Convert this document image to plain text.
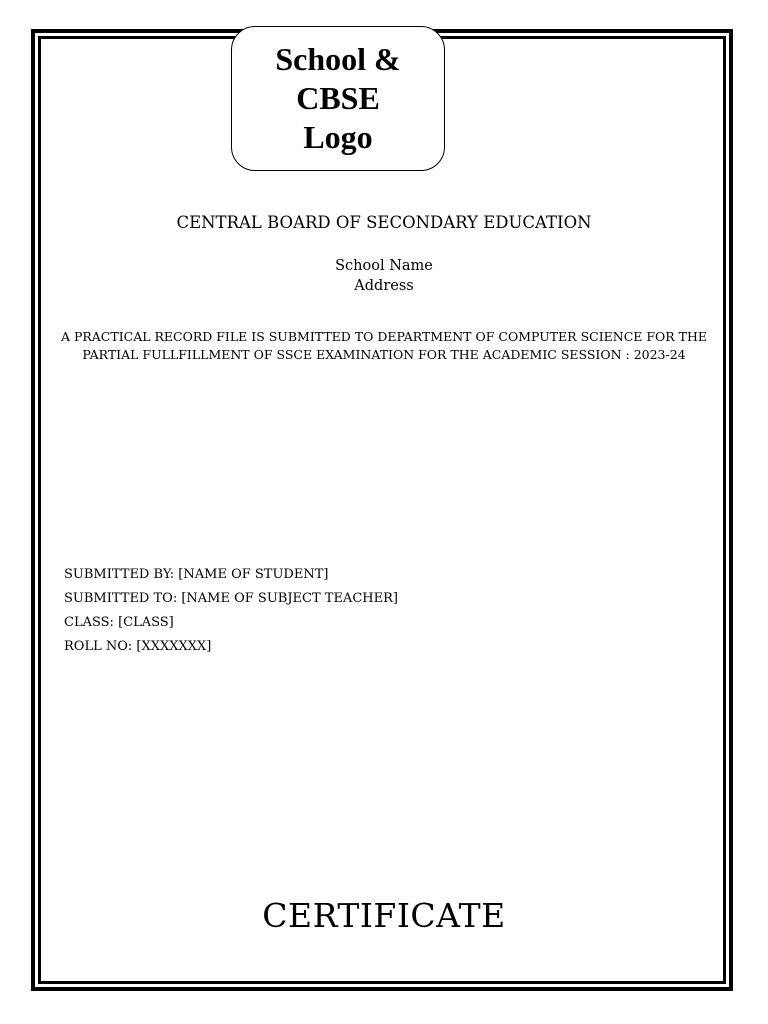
School &
CBSE
Logo
CENTRAL BOARD OF SECONDARY EDUCATION
School Name
Address
A PRACTICAL RECORD FILE IS SUBMITTED TO DEPARTMENT OF COMPUTER SCIENCE FOR THE
PARTIAL FULLFILLMENT OF SSCE EXAMINATION FOR THE ACADEMIC SESSION : 2023-24
SUBMITTED BY: [NAME OF STUDENT]
SUBMITTED TO: [NAME OF SUBJECT TEACHER]
CLASS: [CLASS]
ROLL NO: [XXXXXXX]
CERTIFICATE
